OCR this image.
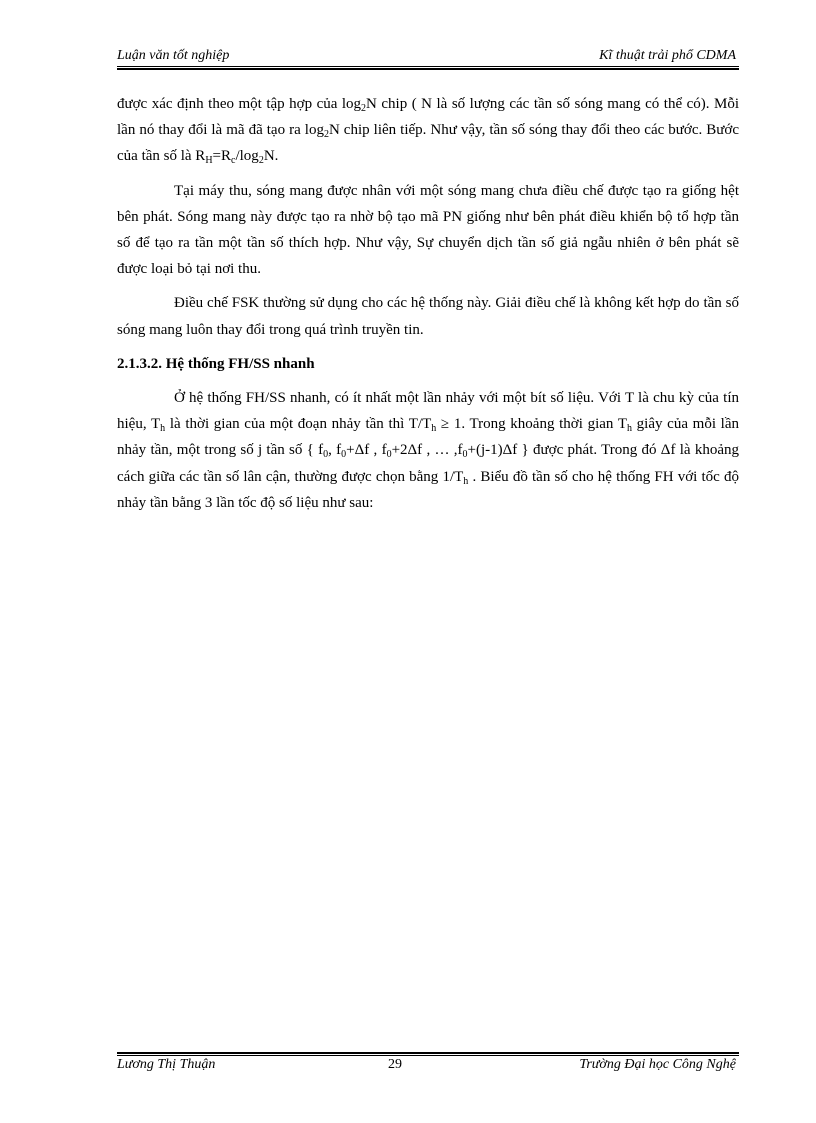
Luận văn tốt nghiệp	Kĩ thuật trải phổ CDMA

được xác định theo một tập hợp của $\log_2N$ chip ( N là số lượng các tần số sóng mang có thể có). Mỗi lần nó thay đổi là mã đã tạo ra $\log_2N$ chip liên tiếp. Như vậy, tần số sóng thay đổi theo các bước. Bước của tần số là $R_H=R_c/\log_2N$.

Tại máy thu, sóng mang được nhân với một sóng mang chưa điều chế được tạo ra giống hệt bên phát. Sóng mang này được tạo ra nhờ bộ tạo mã PN giống như bên phát điều khiển bộ tổ hợp tần số để tạo ra tần một tần số thích hợp. Như vậy, Sự chuyển dịch tần số giả ngẫu nhiên ở bên phát sẽ được loại bỏ tại nơi thu.

Điều chế FSK thường sử dụng cho các hệ thống này. Giải điều chế là không kết hợp do tần số sóng mang luôn thay đổi trong quá trình truyền tin.

2.1.3.2. Hệ thống FH/SS nhanh

Ở hệ thống FH/SS nhanh, có ít nhất một lần nhảy với một bít số liệu. Với T là chu kỳ của tín hiệu, $T_h$ là thời gian của một đoạn nhảy tần thì $T/T_h \ge 1$. Trong khoảng thời gian $T_h$ giây của mỗi lần nhảy tần, một trong số j tần số { $f_0$, $f_0+\Delta f$ , $f_0+2\Delta f$ , … $,f_0+(j-1)\Delta f$ } được phát. Trong đó Δf là khoảng cách giữa các tần số lân cận, thường được chọn bằng $1/T_h$ . Biểu đồ tần số cho hệ thống FH với tốc độ nhảy tần bằng 3 lần tốc độ số liệu như sau:

Lương Thị Thuận	29	Trường Đại học Công Nghệ
